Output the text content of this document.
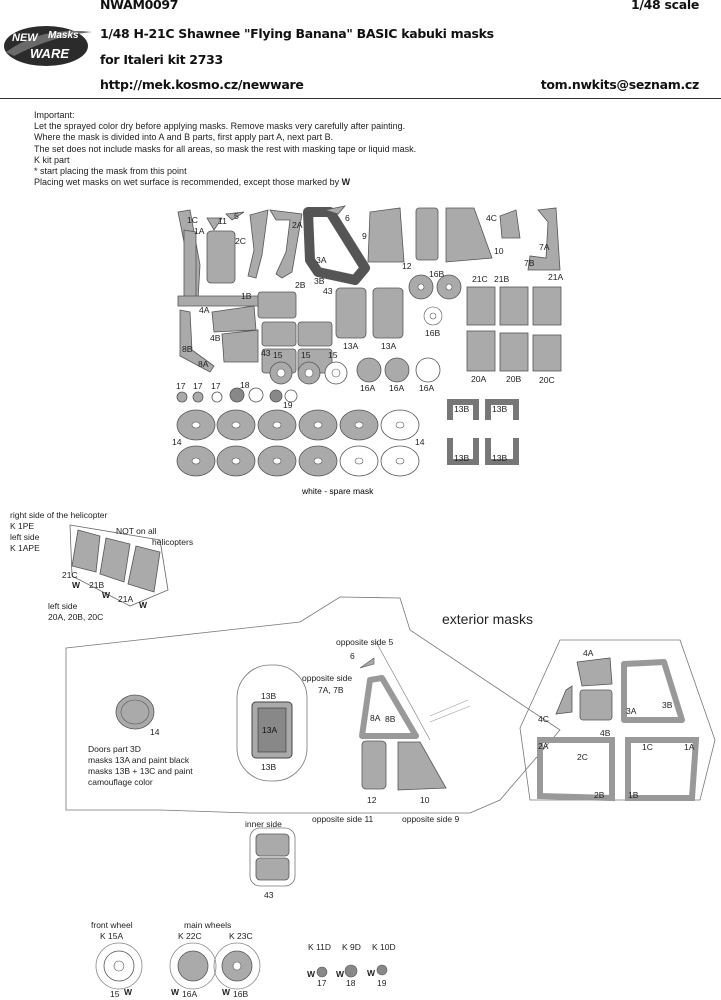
NWAM0097	1/48 scale
1/48 H-21C Shawnee "Flying Banana" BASIC kabuki masks
for Italeri kit 2733
http://mek.kosmo.cz/newware	tom.nwkits@seznam.cz
NEW Masks
WARE
Important:
Let the sprayed color dry before applying masks. Remove masks very carefully after painting.
Where the mask is divided into A and B parts, first apply part A, next part B.
The set does not include masks for all areas, so mask the rest with masking tape or liquid mask.
K kit part
* start placing the mask from this point
Placing wet masks on wet surface is recommended, except those marked by W
1C 11 5
2C
1A
2A
6
9
4C
10	7A
7B
21C 21B	21A
3A
3B
43
12
16B
16B
1B
2B
4A
4B
8B
8A
43 15 15 15
13A	13A
17 17 17 18
19
16A 16A 16A
20A 20B 20C
13B	13B
13B	13B
14	14
white - spare mask
right side of the helicopter
K 1PE
left side
K 1APE
NOT on all
helicopters
21C
W 21B
W 21A
W
left side
20A, 20B, 20C	exterior masks
opposite side 5
6
opposite side
7A, 7B
8A 8B
13B
13A
13B
14
Doors part 3D
masks 13A and paint black
masks 13B + 13C and paint
camouflage color
12	10
opposite side 11	opposite side 9
inner side
43
4A
4C
3A
3B
4B
2A
2C
1C	1A
2B	1B
front wheel
K 15A
main wheels
K 22C	K 23C
15 W	W 16A	W 16B
K 11D K 9D K 10D
W
17
W
18
W
19
